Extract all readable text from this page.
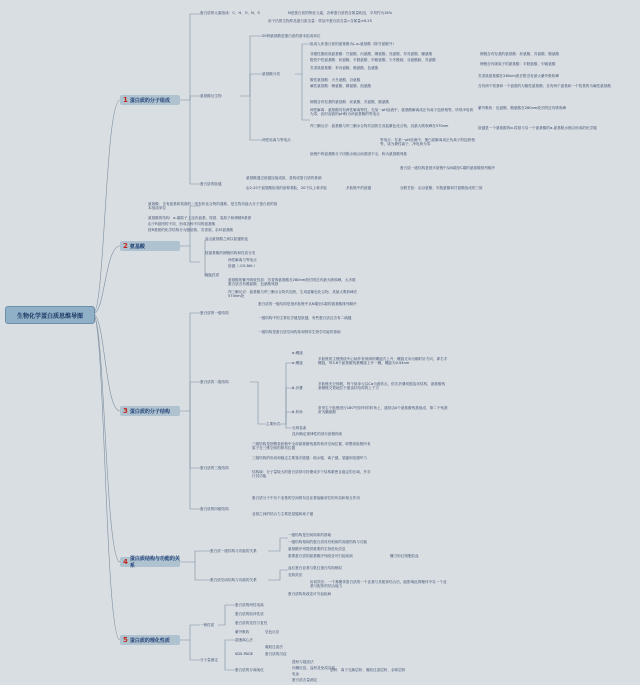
生物化学蛋白质思维导图
1 蛋白质的分子组成
2 氨基酸
3 蛋白质的分子结构
4 蛋白质结构与功能的关系
5 蛋白质的理化性质
蛋白质的元素组成：C、H、O、N、S	N是蛋白质的特征元素，各种蛋白质的含氮量相近，平均约为16%
用于估算生物样品蛋白质含量：样品中蛋白质含量=含氮量×6.25
20种氨基酸是蛋白质的基本组成单位
组成人体蛋白质的氨基酸为L-α-氨基酸（除甘氨酸外）
氨基酸分类
非极性脂肪族氨基酸：甘氨酸、丙氨酸、缬氨酸、亮氨酸、异亮氨酸、脯氨酸
极性中性氨基酸：丝氨酸、半胱氨酸、甲硫氨酸、天冬酰胺、谷氨酰胺、苏氨酸
芳香族氨基酸：苯丙氨酸、酪氨酸、色氨酸
酸性氨基酸：天冬氨酸、谷氨酸
碱性氨基酸：赖氨酸、精氨酸、组氨酸
侧链含有羟基的氨基酸：丝氨酸、苏氨酸、酪氨酸
侧链含有硫原子的氨基酸：半胱氨酸、甲硫氨酸
芳香族氨基酸在280nm波长附近有最大紫外吸收峰
含有两个羧基和一个氨基的为酸性氨基酸；含有两个氨基和一个羧基的为碱性氨基酸
氨基酸衍生物
侧链含有羟基的氨基酸：丝氨酸、苏氨酸、酪氨酸
两性解离：氨基酸具有两性解离特性，在某一pH溶液中，氨基酸解离成正负离子趋势相等，所带净电荷为零，此时溶液的pH称为该氨基酸的等电点
紫外吸收：色氨酸、酪氨酸在280nm波长附近有吸收峰
茚三酮反应：氨基酸与茚三酮水合物共加热生成蓝紫色化合物，其最大吸收峰在570nm	肽键是一个氨基酸的α-羧基与另一个氨基酸的α-氨基脱水缩合形成的化学键
两性电离与等电点	等电点：在某一pH溶液中，蛋白质解离成正负离子的趋势相等，成为兼性离子，净电荷为零
肽链中的氨基酸分子因脱水缩合而基团不全，称为氨基酸残基
蛋白质一级结构是指多肽链中从N端至C端的氨基酸排列顺序
蛋白质的肽键
氨基酸通过肽键连接成肽，是构成蛋白质的基础
由2-20个氨基酸组成的肽称寡肽，20个以上称多肽	多肽链中的肽键	谷胱甘肽：由谷氨酸、半胱氨酸和甘氨酸组成的三肽
氨基酸：含有氨基和羧基的一类有机化合物的通称，是生物功能大分子蛋白质的基本组成单位
氨基酸的结构：α-碳原子上连有氨基、羧基、氢原子和侧链R基团
由于R基团的不同，形成各种不同的氨基酸
按R基团的化学结构分为脂肪族、芳香族、杂环氨基酸
各个氨基酸之间以肽键相连
按氨基酸的侧链结构和性质分类
理化性质
两性解离与等电点
肽键（-CO-NH-）
氨基酸的紫外吸收性质：芳香族氨基酸在280nm波长附近有最大吸收峰，大多数蛋白质含有酪氨酸、色氨酸残基
茚三酮反应：氨基酸与茚三酮水合物共加热，生成蓝紫色化合物，其最大吸收峰在570nm处
蛋白质的一级结构
蛋白质的一级结构是指多肽链中从N端至C端的氨基酸排列顺序
一级结构中的主要化学键是肽键，有些蛋白质还含有二硫键
一级结构是蛋白质空间构象和特异生物学功能的基础
蛋白质的二级结构
主要形式
α-螺旋
α-螺旋
多肽链的主链围绕中心轴作有规律的螺旋式上升，螺旋走向为顺时针方向，即右手螺旋，每3.6个氨基酸残基螺旋上升一圈，螺距为0.54nm
β-折叠
多肽链充分伸展，每个肽单元以Cα为旋转点，依次折叠成锯齿状结构，氨基酸残基侧链交替地位于锯齿状结构的上下方
β-转角
常发生于肽链进行180°回折时的转角上，通常由4个氨基酸残基组成，第二个残基常为脯氨酸
无规卷曲
没有确定规律性的部分肽链构象
蛋白质的三级结构
三级结构是指整条肽链中全部氨基酸残基的相对空间位置，即整条肽链所有原子在三维空间的排布位置
三级结构的形成和稳定主要靠次级键：疏水键、离子键、氢键和范德华力
结构域：分子量较大的蛋白质常可折叠成多个结构紧密且稳定的区域，并各行其功能
蛋白质的四级结构
蛋白质分子中各个亚基的空间排布及亚基接触部位的布局和相互作用
亚基之间的结合力主要是氢键和离子键
蛋白质一级结构与功能的关系
一级结构是空间构象的基础
一级结构相似的蛋白质具有相似的高级结构与功能
氨基酸序列提供重要的生物进化信息
重要蛋白质的氨基酸序列改变可引起疾病	镰刀形红细胞贫血
蛋白质空间结构与功能的关系
血红蛋白亚基与肌红蛋白结构相似
变构效应
协同效应：一个寡聚体蛋白质的一个亚基与其配体结合后，能影响此寡聚体中另一个亚基与配体的结合能力
蛋白质构象改变可引起疾病
一般性质
蛋白质的两性电离
蛋白质的胶体性质
蛋白质的变性与复性
紫外吸收	呈色反应
分子量测定
超速离心法
凝胶过滤法
SDS-PAGE	蛋白质的沉淀
蛋白质的分离纯化
透析与超滤法
丙酮沉淀、盐析及免疫沉淀
电泳
层析：离子交换层析、凝胶过滤层析、亲和层析
蛋白质含量测定
